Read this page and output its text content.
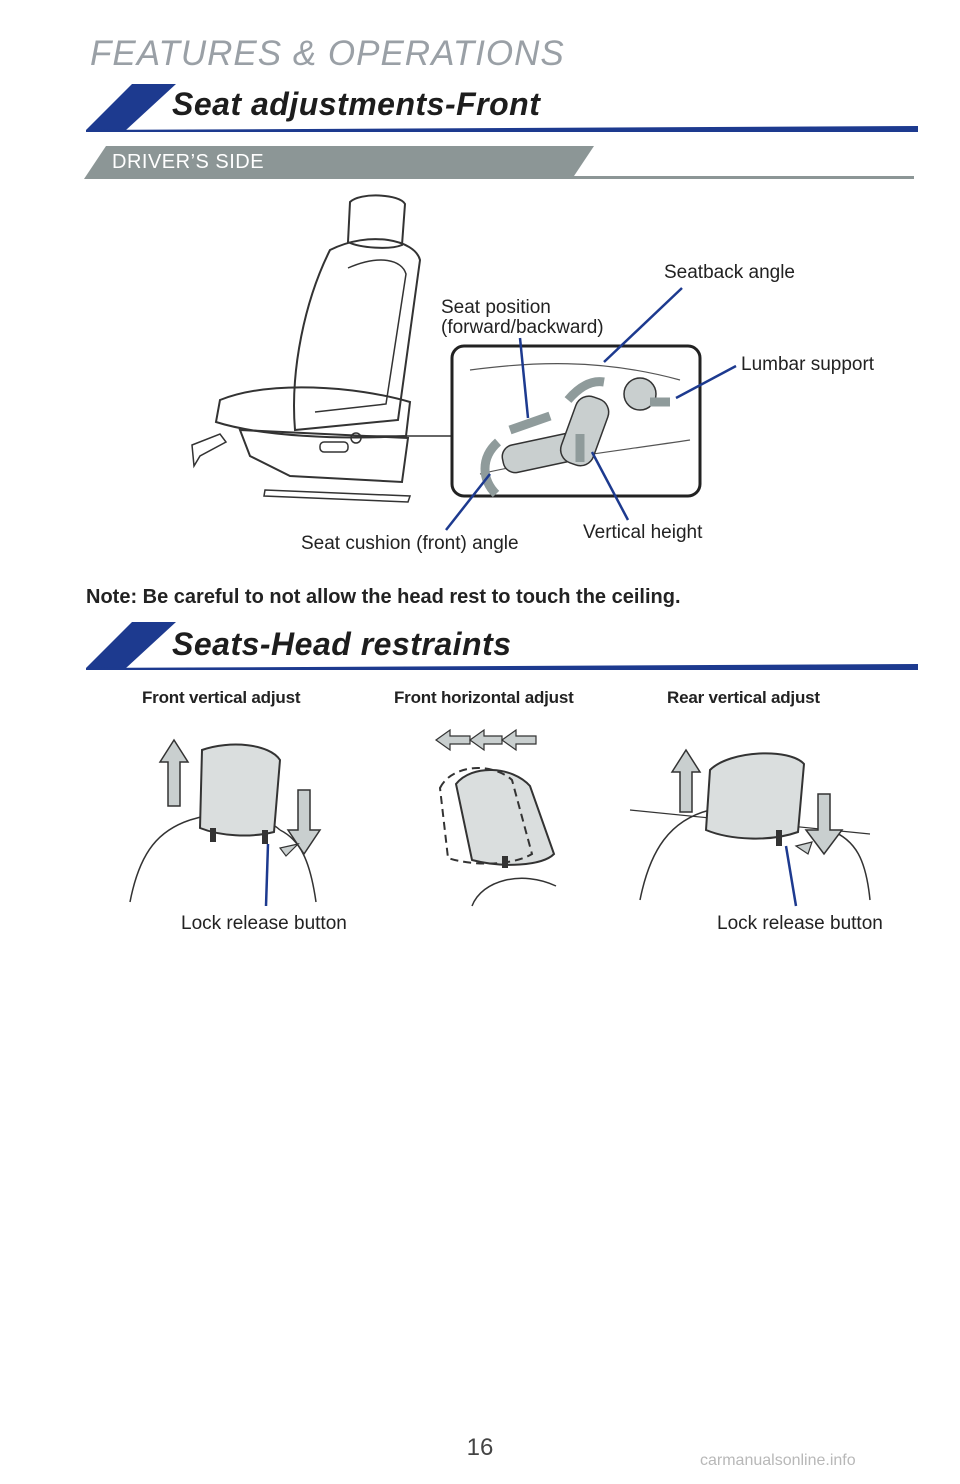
FEATURES & OPERATIONS
Seat adjustments-Front
DRIVER’S SIDE
Seatback angle
Seat position
(forward/backward)
Lumbar support
Vertical height
Seat cushion (front) angle
Note: Be careful to not allow the head rest to touch the ceiling.
Seats-Head restraints
Front vertical adjust	Front horizontal adjust	Rear vertical adjust
Lock release button	Lock release button
16	carmanualsonline.info
